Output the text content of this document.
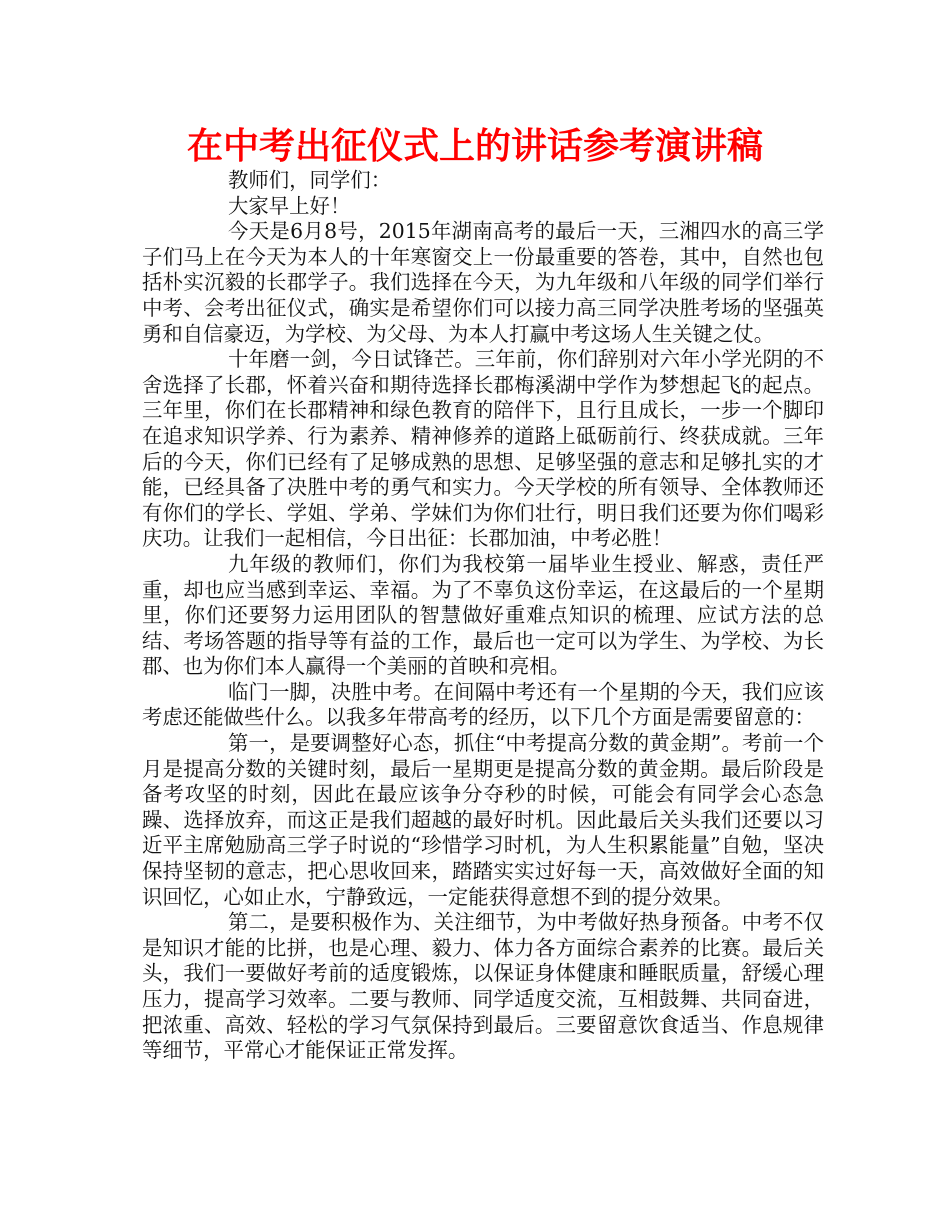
在中考出征仪式上的讲话参考演讲稿

教师们，同学们：

大家早上好！

今天是6月8号，2015年湖南高考的最后一天，三湘四水的高三学子们马上在今天为本人的十年寒窗交上一份最重要的答卷，其中，自然也包括朴实沉毅的长郡学子。我们选择在今天，为九年级和八年级的同学们举行中考、会考出征仪式，确实是希望你们可以接力高三同学决胜考场的坚强英勇和自信豪迈，为学校、为父母、为本人打赢中考这场人生关键之仗。

十年磨一剑，今日试锋芒。三年前，你们辞别对六年小学光阴的不舍选择了长郡，怀着兴奋和期待选择长郡梅溪湖中学作为梦想起飞的起点。三年里，你们在长郡精神和绿色教育的陪伴下，且行且成长，一步一个脚印在追求知识学养、行为素养、精神修养的道路上砥砺前行、终获成就。三年后的今天，你们已经有了足够成熟的思想、足够坚强的意志和足够扎实的才能，已经具备了决胜中考的勇气和实力。今天学校的所有领导、全体教师还有你们的学长、学姐、学弟、学妹们为你们壮行，明日我们还要为你们喝彩庆功。让我们一起相信，今日出征：长郡加油，中考必胜！

九年级的教师们，你们为我校第一届毕业生授业、解惑，责任严重，却也应当感到幸运、幸福。为了不辜负这份幸运，在这最后的一个星期里，你们还要努力运用团队的智慧做好重难点知识的梳理、应试方法的总结、考场答题的指导等有益的工作，最后也一定可以为学生、为学校、为长郡、也为你们本人赢得一个美丽的首映和亮相。

临门一脚，决胜中考。在间隔中考还有一个星期的今天，我们应该考虑还能做些什么。以我多年带高考的经历，以下几个方面是需要留意的：

第一，是要调整好心态，抓住“中考提高分数的黄金期”。考前一个月是提高分数的关键时刻，最后一星期更是提高分数的黄金期。最后阶段是备考攻坚的时刻，因此在最应该争分夺秒的时候，可能会有同学会心态急躁、选择放弃，而这正是我们超越的最好时机。因此最后关头我们还要以习近平主席勉励高三学子时说的“珍惜学习时机，为人生积累能量”自勉，坚决保持坚韧的意志，把心思收回来，踏踏实实过好每一天，高效做好全面的知识回忆，心如止水，宁静致远，一定能获得意想不到的提分效果。

第二，是要积极作为、关注细节，为中考做好热身预备。中考不仅是知识才能的比拼，也是心理、毅力、体力各方面综合素养的比赛。最后关头，我们一要做好考前的适度锻炼，以保证身体健康和睡眠质量，舒缓心理压力，提高学习效率。二要与教师、同学适度交流，互相鼓舞、共同奋进，把浓重、高效、轻松的学习气氛保持到最后。三要留意饮食适当、作息规律等细节，平常心才能保证正常发挥。
